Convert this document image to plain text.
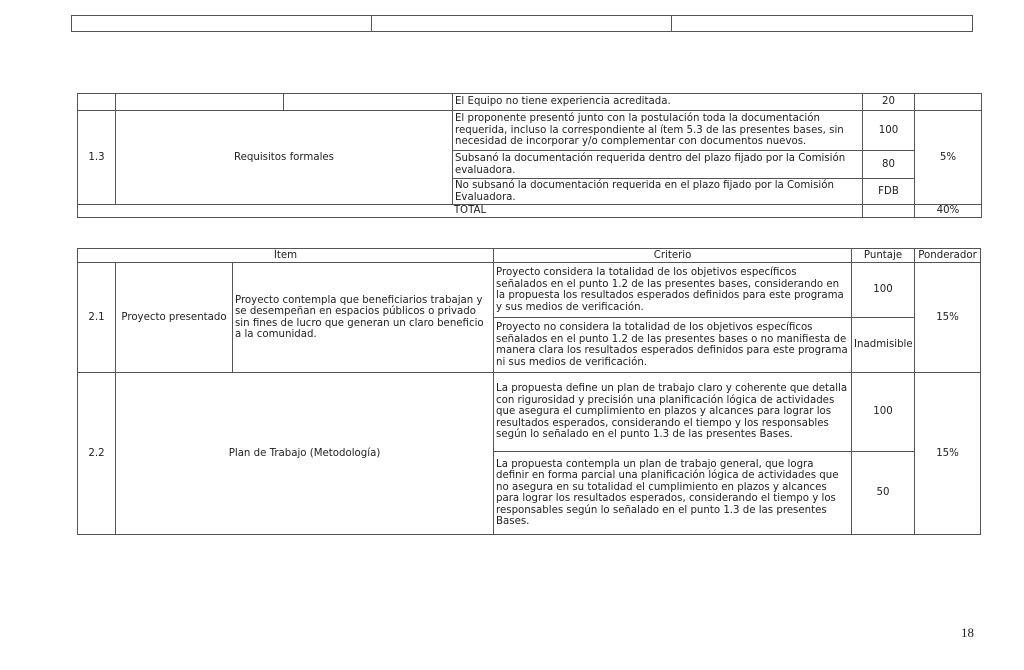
			El Equipo no tiene experiencia acreditada.	20	
1.3	Requisitos formales		El proponente presentó junto con la postulación toda la documentación requerida, incluso la correspondiente al ítem 5.3 de las presentes bases, sin necesidad de incorporar y/o complementar con documentos nuevos.	100	5%
			Subsanó la documentación requerida dentro del plazo fijado por la Comisión evaluadora.	80	
			No subsanó la documentación requerida en el plazo fijado por la Comisión Evaluadora.	FDB	
TOTAL					40%
Ítem			Criterio	Puntaje	Ponderador
2.1	Proyecto presentado	Proyecto contempla que beneficiarios trabajan y se desempeñan en espacios públicos o privado sin fines de lucro que generan un claro beneficio a la comunidad.	Proyecto considera la totalidad de los objetivos específicos señalados en el punto 1.2 de las presentes bases, considerando en la propuesta los resultados esperados definidos para este programa y sus medios de verificación.	100	15%
			Proyecto no considera la totalidad de los objetivos específicos señalados en el punto 1.2 de las presentes bases o no manifiesta de manera clara los resultados esperados definidos para este programa ni sus medios de verificación.	Inadmisible	
2.2	Plan de Trabajo (Metodología)		La propuesta define un plan de trabajo claro y coherente que detalla con rigurosidad y precisión una planificación lógica de actividades que asegura el cumplimiento en plazos y alcances para lograr los resultados esperados, considerando el tiempo y los responsables según lo señalado en el punto 1.3 de las presentes Bases.	100	15%
			La propuesta contempla un plan de trabajo general, que logra definir en forma parcial una planificación lógica de actividades que no asegura en su totalidad el cumplimiento en plazos y alcances para lograr los resultados esperados, considerando el tiempo y los responsables según lo señalado en el punto 1.3 de las presentes Bases.	50	
18
